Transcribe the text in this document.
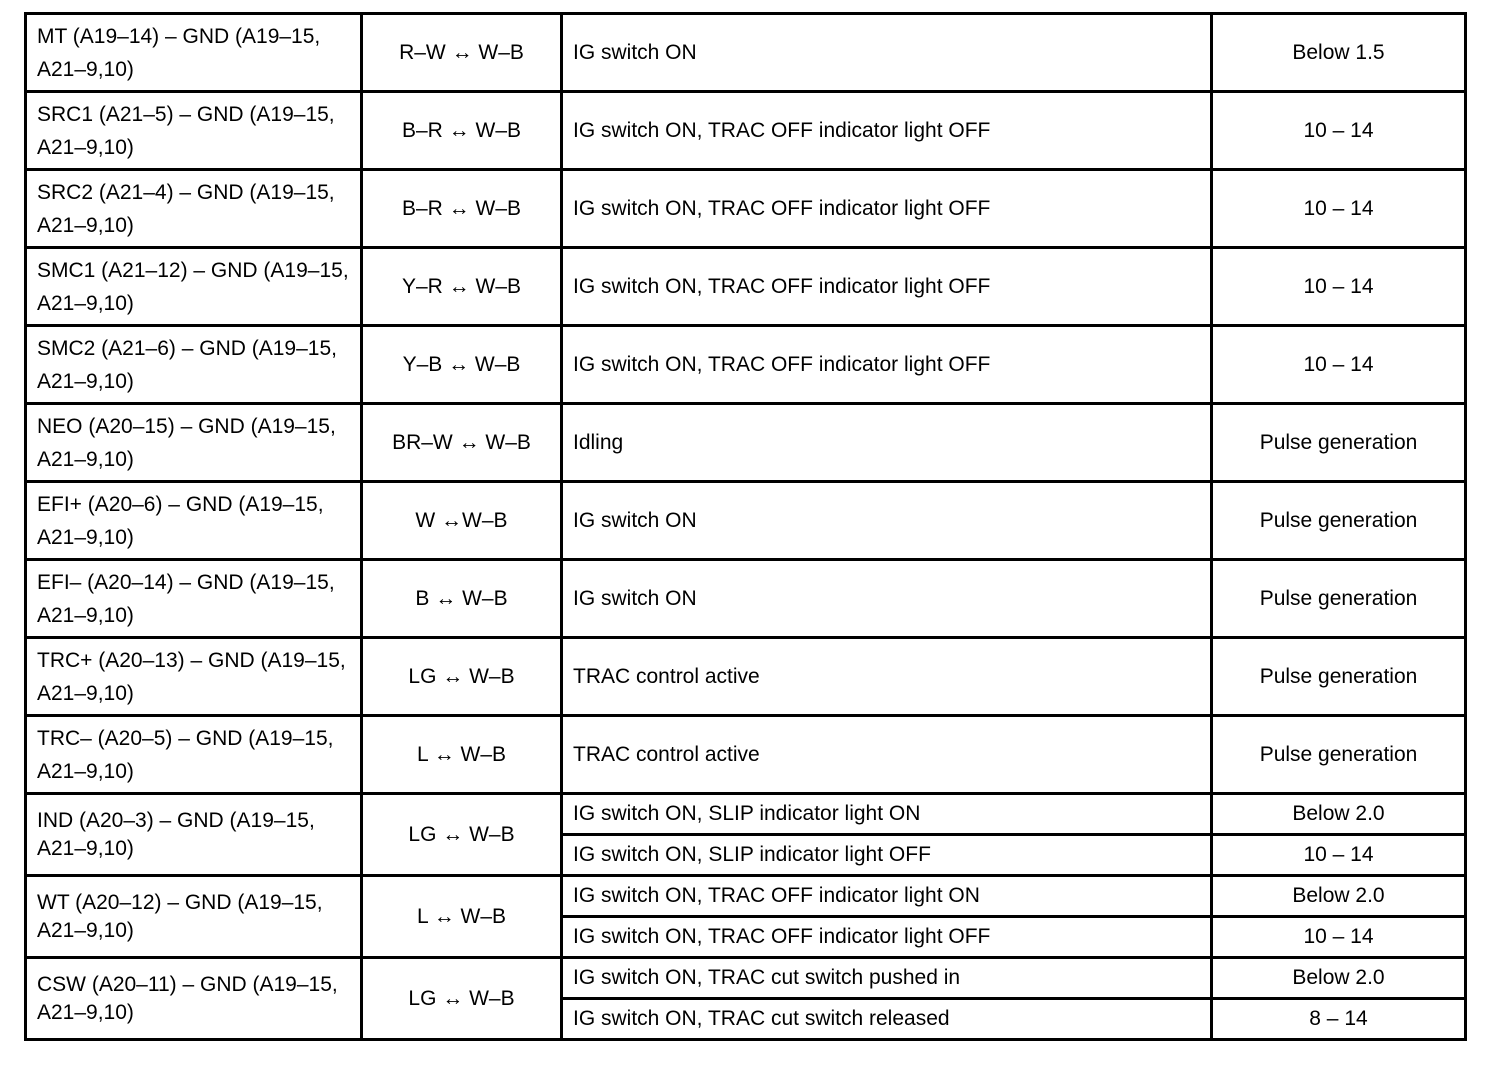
MT (A19–14) – GND (A19–15, A21–9,10)	R–W ↔ W–B	IG switch ON	Below 1.5
SRC1 (A21–5) – GND (A19–15, A21–9,10)	B–R ↔ W–B	IG switch ON, TRAC OFF indicator light OFF	10 – 14
SRC2 (A21–4) – GND (A19–15, A21–9,10)	B–R ↔ W–B	IG switch ON, TRAC OFF indicator light OFF	10 – 14
SMC1 (A21–12) – GND (A19–15, A21–9,10)	Y–R ↔ W–B	IG switch ON, TRAC OFF indicator light OFF	10 – 14
SMC2 (A21–6) – GND (A19–15, A21–9,10)	Y–B ↔ W–B	IG switch ON, TRAC OFF indicator light OFF	10 – 14
NEO (A20–15) – GND (A19–15, A21–9,10)	BR–W ↔ W–B	Idling	Pulse generation
EFI+ (A20–6) – GND (A19–15, A21–9,10)	W ↔W–B	IG switch ON	Pulse generation
EFI– (A20–14) – GND (A19–15, A21–9,10)	B ↔ W–B	IG switch ON	Pulse generation
TRC+ (A20–13) – GND (A19–15, A21–9,10)	LG ↔ W–B	TRAC control active	Pulse generation
TRC– (A20–5) – GND (A19–15, A21–9,10)	L ↔ W–B	TRAC control active	Pulse generation
IND (A20–3) – GND (A19–15, A21–9,10)	LG ↔ W–B	IG switch ON, SLIP indicator light ON	Below 2.0
		IG switch ON, SLIP indicator light OFF	10 – 14
WT (A20–12) – GND (A19–15, A21–9,10)	L ↔ W–B	IG switch ON, TRAC OFF indicator light ON	Below 2.0
		IG switch ON, TRAC OFF indicator light OFF	10 – 14
CSW (A20–11) – GND (A19–15, A21–9,10)	LG ↔ W–B	IG switch ON, TRAC cut switch pushed in	Below 2.0
		IG switch ON, TRAC cut switch released	8 – 14
